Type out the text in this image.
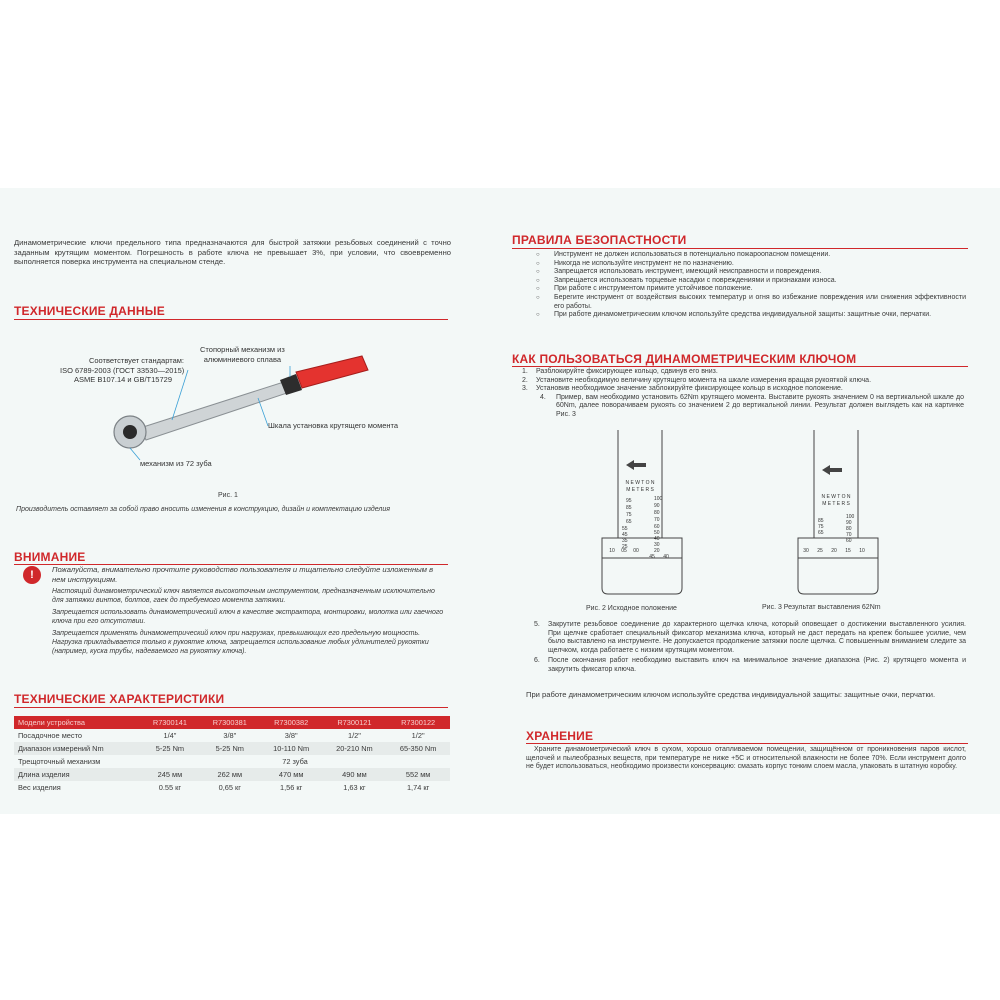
Динамометрические ключи предельного типа предназначаются для быстрой затяжки резьбовых соединений с точно заданным крутящим моментом. Погрешность в работе ключа не превышает 3%, при условии, что своевременно выполняется поверка инструмента на специальном стенде.
ТЕХНИЧЕСКИЕ ДАННЫЕ
Соответствует стандартам:
ISO 6789-2003 (ГОСТ 33530—2015)
ASME B107.14 и GB/T15729
Стопорный механизм из
алюминиевого сплава
Шкала установка крутящего момента
механизм из 72 зуба
Рис. 1
Производитель оставляет за собой право вносить изменения в конструкцию, дизайн и комплектацию изделия
ВНИМАНИЕ
!	Пожалуйста, внимательно прочтите руководство пользователя и тщательно следуйте изложенным в нем инструкциям.
Настоящий динамометрический ключ является высокоточным инструментом, предназначенным исключительно для затяжки винтов, болтов, гаек до требуемого момента затяжки.
Запрещается использовать динамометрический ключ в качестве экстрактора, монтировки, молотка или гаечного ключа при его отсутствии.
Запрещается применять динамометрический ключ при нагрузках, превышающих его предельную мощность. Нагрузка прикладывается только к рукоятке ключа, запрещается использование любых удлинителей рукоятки (например, куска трубы, надеваемого на рукоятку ключа).
ТЕХНИЧЕСКИЕ ХАРАКТЕРИСТИКИ
Модели устройства	R7300141	R7300381	R7300382	R7300121	R7300122
Посадочное место	1/4"	3/8"	3/8"	1/2"	1/2"
Диапазон измерений Nm	5-25 Nm	5-25 Nm	10-110 Nm	20-210 Nm	65-350 Nm
Трещоточный механизм	72 зуба				
Длина изделия	245 мм	262 мм	470 мм	490 мм	552 мм
Вес изделия	0.55 кг	0,65 кг	1,56 кг	1,63 кг	1,74 кг
ПРАВИЛА БЕЗОПАСТНОСТИ
○ Инструмент не должен использоваться в потенциально пожароопасном помещении.
○ Никогда не используйте инструмент не по назначению.
○ Запрещается использовать инструмент, имеющий неисправности и повреждения.
○ Запрещается использовать торцевые насадки с повреждениями и признаками износа.
○ При работе с инструментом примите устойчивое положение.
○ Берегите инструмент от воздействия высоких температур и огня во избежание повреждения или снижения эффективности его работы.
○ При работе динамометрическим ключом используйте средства индивидуальной защиты: защитные очки, перчатки.
КАК ПОЛЬЗОВАТЬСЯ ДИНАМОМЕТРИЧЕСКИМ КЛЮЧОМ
1. Разблокируйте фиксирующее кольцо, сдвинув его вниз.
2. Установите необходимую величину крутящего момента на шкале измерения вращая рукояткой ключа.
3. Установив необходимое значение заблокируйте фиксирующее кольцо в исходное положение.
4. Пример, вам необходимо установить 62Nm крутящего момента. Выставите рукоять значением 0 на вертикальной шкале до 60Nm, далее поворачиваем рукоять со значением 2 до вертикальной линии. Результат должен выглядеть как на картинке Рис. 3
N E W T O N
M E T E R S
95
85
75
65
55
45
35
25
100
90
80
70
60
50
40
30
20
10 05 00
45 40
N E W T O N
M E T E R S
85
75
65
100
90
80
70
60
30 25 20 15 10
Рис. 2 Исходное положение	Рис. 3 Результат выставления 62Nm
5. Закрутите резьбовое соединение до характерного щелчка ключа, который оповещает о достижении выставленного усилия. При щелчке сработает специальный фиксатор механизма ключа, который не даст передать на крепеж большее усилие, чем было выставлено на инструменте. Не допускается продолжение затяжки после щелчка. С повышенным вниманием следите за щелчком, когда работаете с низким крутящим моментом.
6. После окончания работ необходимо выставить ключ на минимальное значение диапазона (Рис. 2) крутящего момента и закрутить фиксатор ключа.
При работе динамометрическим ключом используйте средства индивидуальной защиты: защитные очки, перчатки.
ХРАНЕНИЕ
Храните динамометрический ключ в сухом, хорошо отапливаемом помещении, защищённом от проникновения паров кислот, щелочей и пылеобразных веществ, при температуре не ниже +5С и относительной влажности не более 70%. Если инструмент долго не будет использоваться, необходимо произвести консервацию: смазать корпус тонким слоем масла, упаковать в штатную коробку.
